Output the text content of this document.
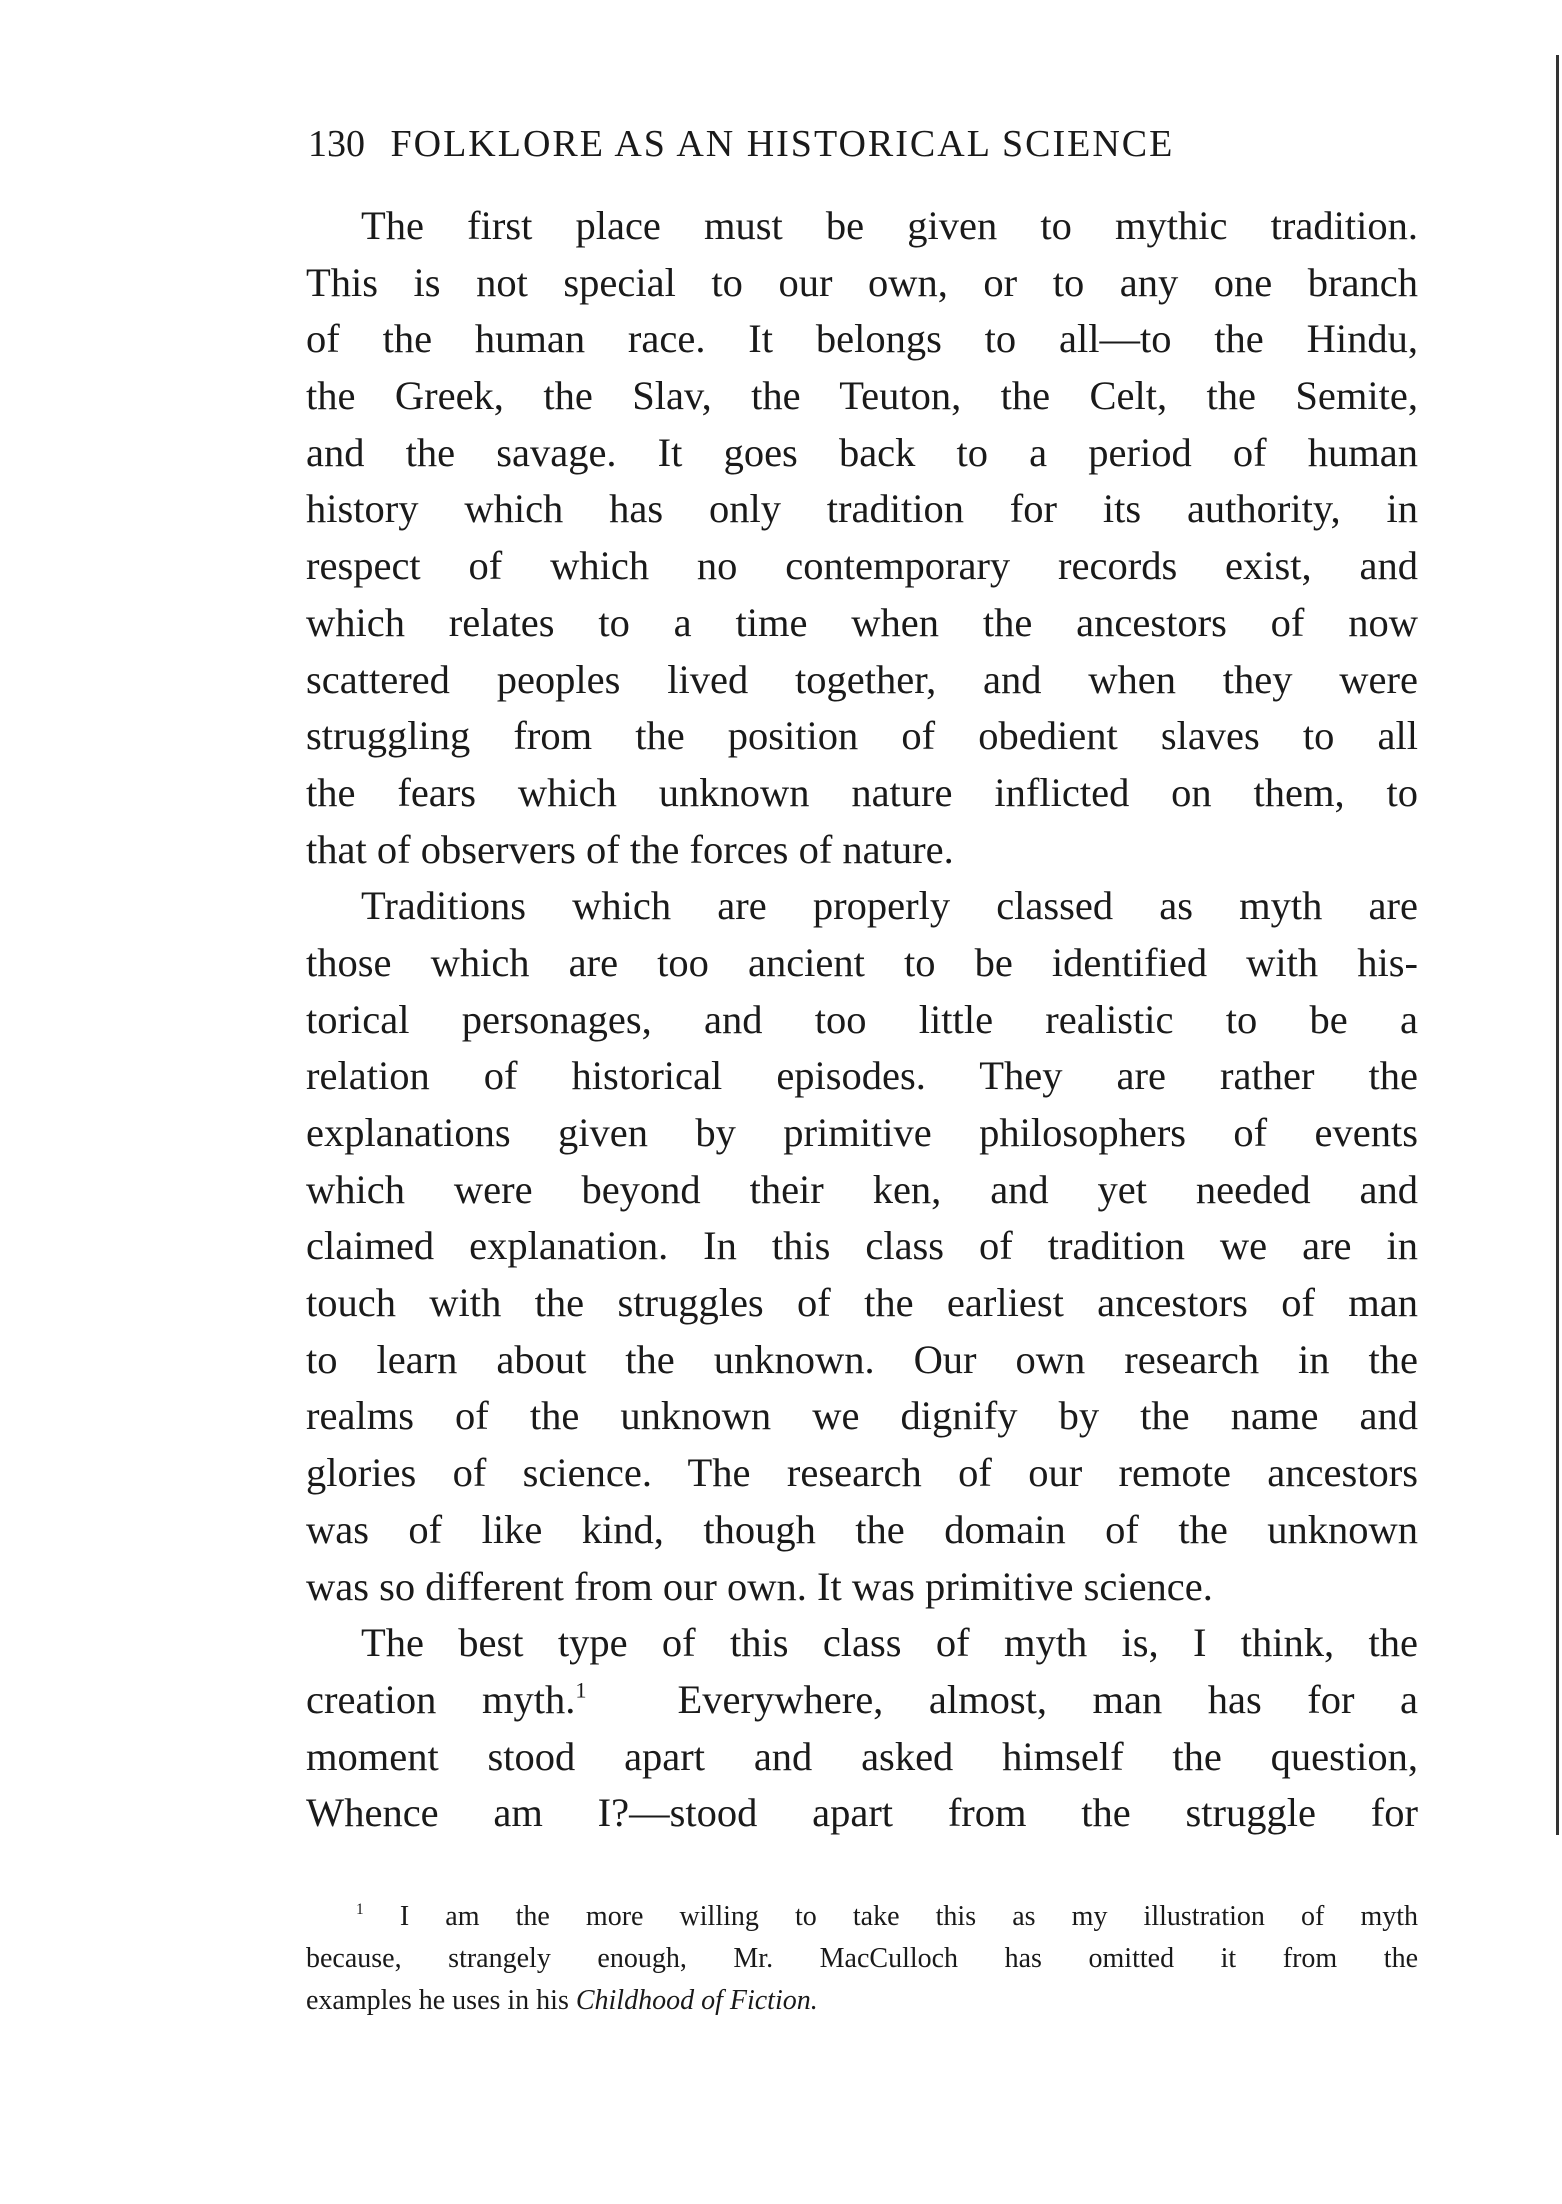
130 FOLKLORE AS AN HISTORICAL SCIENCE
The first place must be given to mythic tradition.
This is not special to our own, or to any one branch
of the human race. It belongs to all—to the Hindu,
the Greek, the Slav, the Teuton, the Celt, the Semite,
and the savage. It goes back to a period of human
history which has only tradition for its authority, in
respect of which no contemporary records exist, and
which relates to a time when the ancestors of now
scattered peoples lived together, and when they were
struggling from the position of obedient slaves to all
the fears which unknown nature inflicted on them, to
that of observers of the forces of nature.
Traditions which are properly classed as myth are
those which are too ancient to be identified with his-
torical personages, and too little realistic to be a
relation of historical episodes. They are rather the
explanations given by primitive philosophers of events
which were beyond their ken, and yet needed and
claimed explanation. In this class of tradition we are in
touch with the struggles of the earliest ancestors of man
to learn about the unknown. Our own research in the
realms of the unknown we dignify by the name and
glories of science. The research of our remote ancestors
was of like kind, though the domain of the unknown
was so different from our own. It was primitive science.
The best type of this class of myth is, I think, the
creation myth.$^1$  Everywhere, almost, man has for a
moment stood apart and asked himself the question,
Whence am I?—stood apart from the struggle for
$^1$ I am the more willing to take this as my illustration of myth
because, strangely enough, Mr. MacCulloch has omitted it from the
examples he uses in his Childhood of Fiction.
